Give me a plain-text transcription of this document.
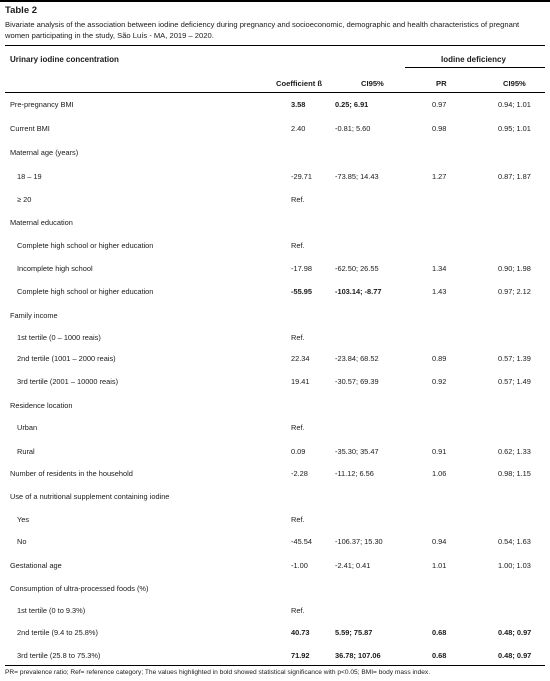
Table 2
Bivariate analysis of the association between iodine deficiency during pregnancy and socioeconomic, demographic and health characteristics of pregnant women participating in the study, São Luís - MA, 2019 – 2020.
Urinary iodine concentration	Iodine deficiency
Coefficient ß	CI95%	PR	CI95%
Pre-pregnancy BMI	3.58	0.25; 6.91	0.97	0.94; 1.01
Current BMI	2.40	-0.81; 5.60	0.98	0.95; 1.01
Maternal age (years)
18 – 19	-29.71	-73.85; 14.43	1.27	0.87; 1.87
≥ 20	Ref.
Maternal education
Complete high school or higher education	Ref.
Incomplete high school	-17.98	-62.50; 26.55	1.34	0.90; 1.98
Complete high school or higher education	-55.95	-103.14; -8.77	1.43	0.97; 2.12
Family income
1st tertile (0 – 1000 reais)	Ref.
2nd tertile (1001 – 2000 reais)	22.34	-23.84; 68.52	0.89	0.57; 1.39
3rd tertile (2001 – 10000 reais)	19.41	-30.57; 69.39	0.92	0.57; 1.49
Residence location
Urban	Ref.
Rural	0.09	-35.30; 35.47	0.91	0.62; 1.33
Number of residents in the household	-2.28	-11.12; 6.56	1.06	0.98; 1.15
Use of a nutritional supplement containing iodine
Yes	Ref.
No	-45.54	-106.37; 15.30	0.94	0.54; 1.63
Gestational age	-1.00	-2.41; 0.41	1.01	1.00; 1.03
Consumption of ultra-processed foods (%)
1st tertile (0 to 9.3%)	Ref.
2nd tertile (9.4 to 25.8%)	40.73	5.59; 75.87	0.68	0.48; 0.97
3rd tertile (25.8 to 75.3%)	71.92	36.78; 107.06	0.68	0.48; 0.97
PR= prevalence ratio; Ref= reference category; The values highlighted in bold showed statistical significance with p<0.05; BMI= body mass index.
